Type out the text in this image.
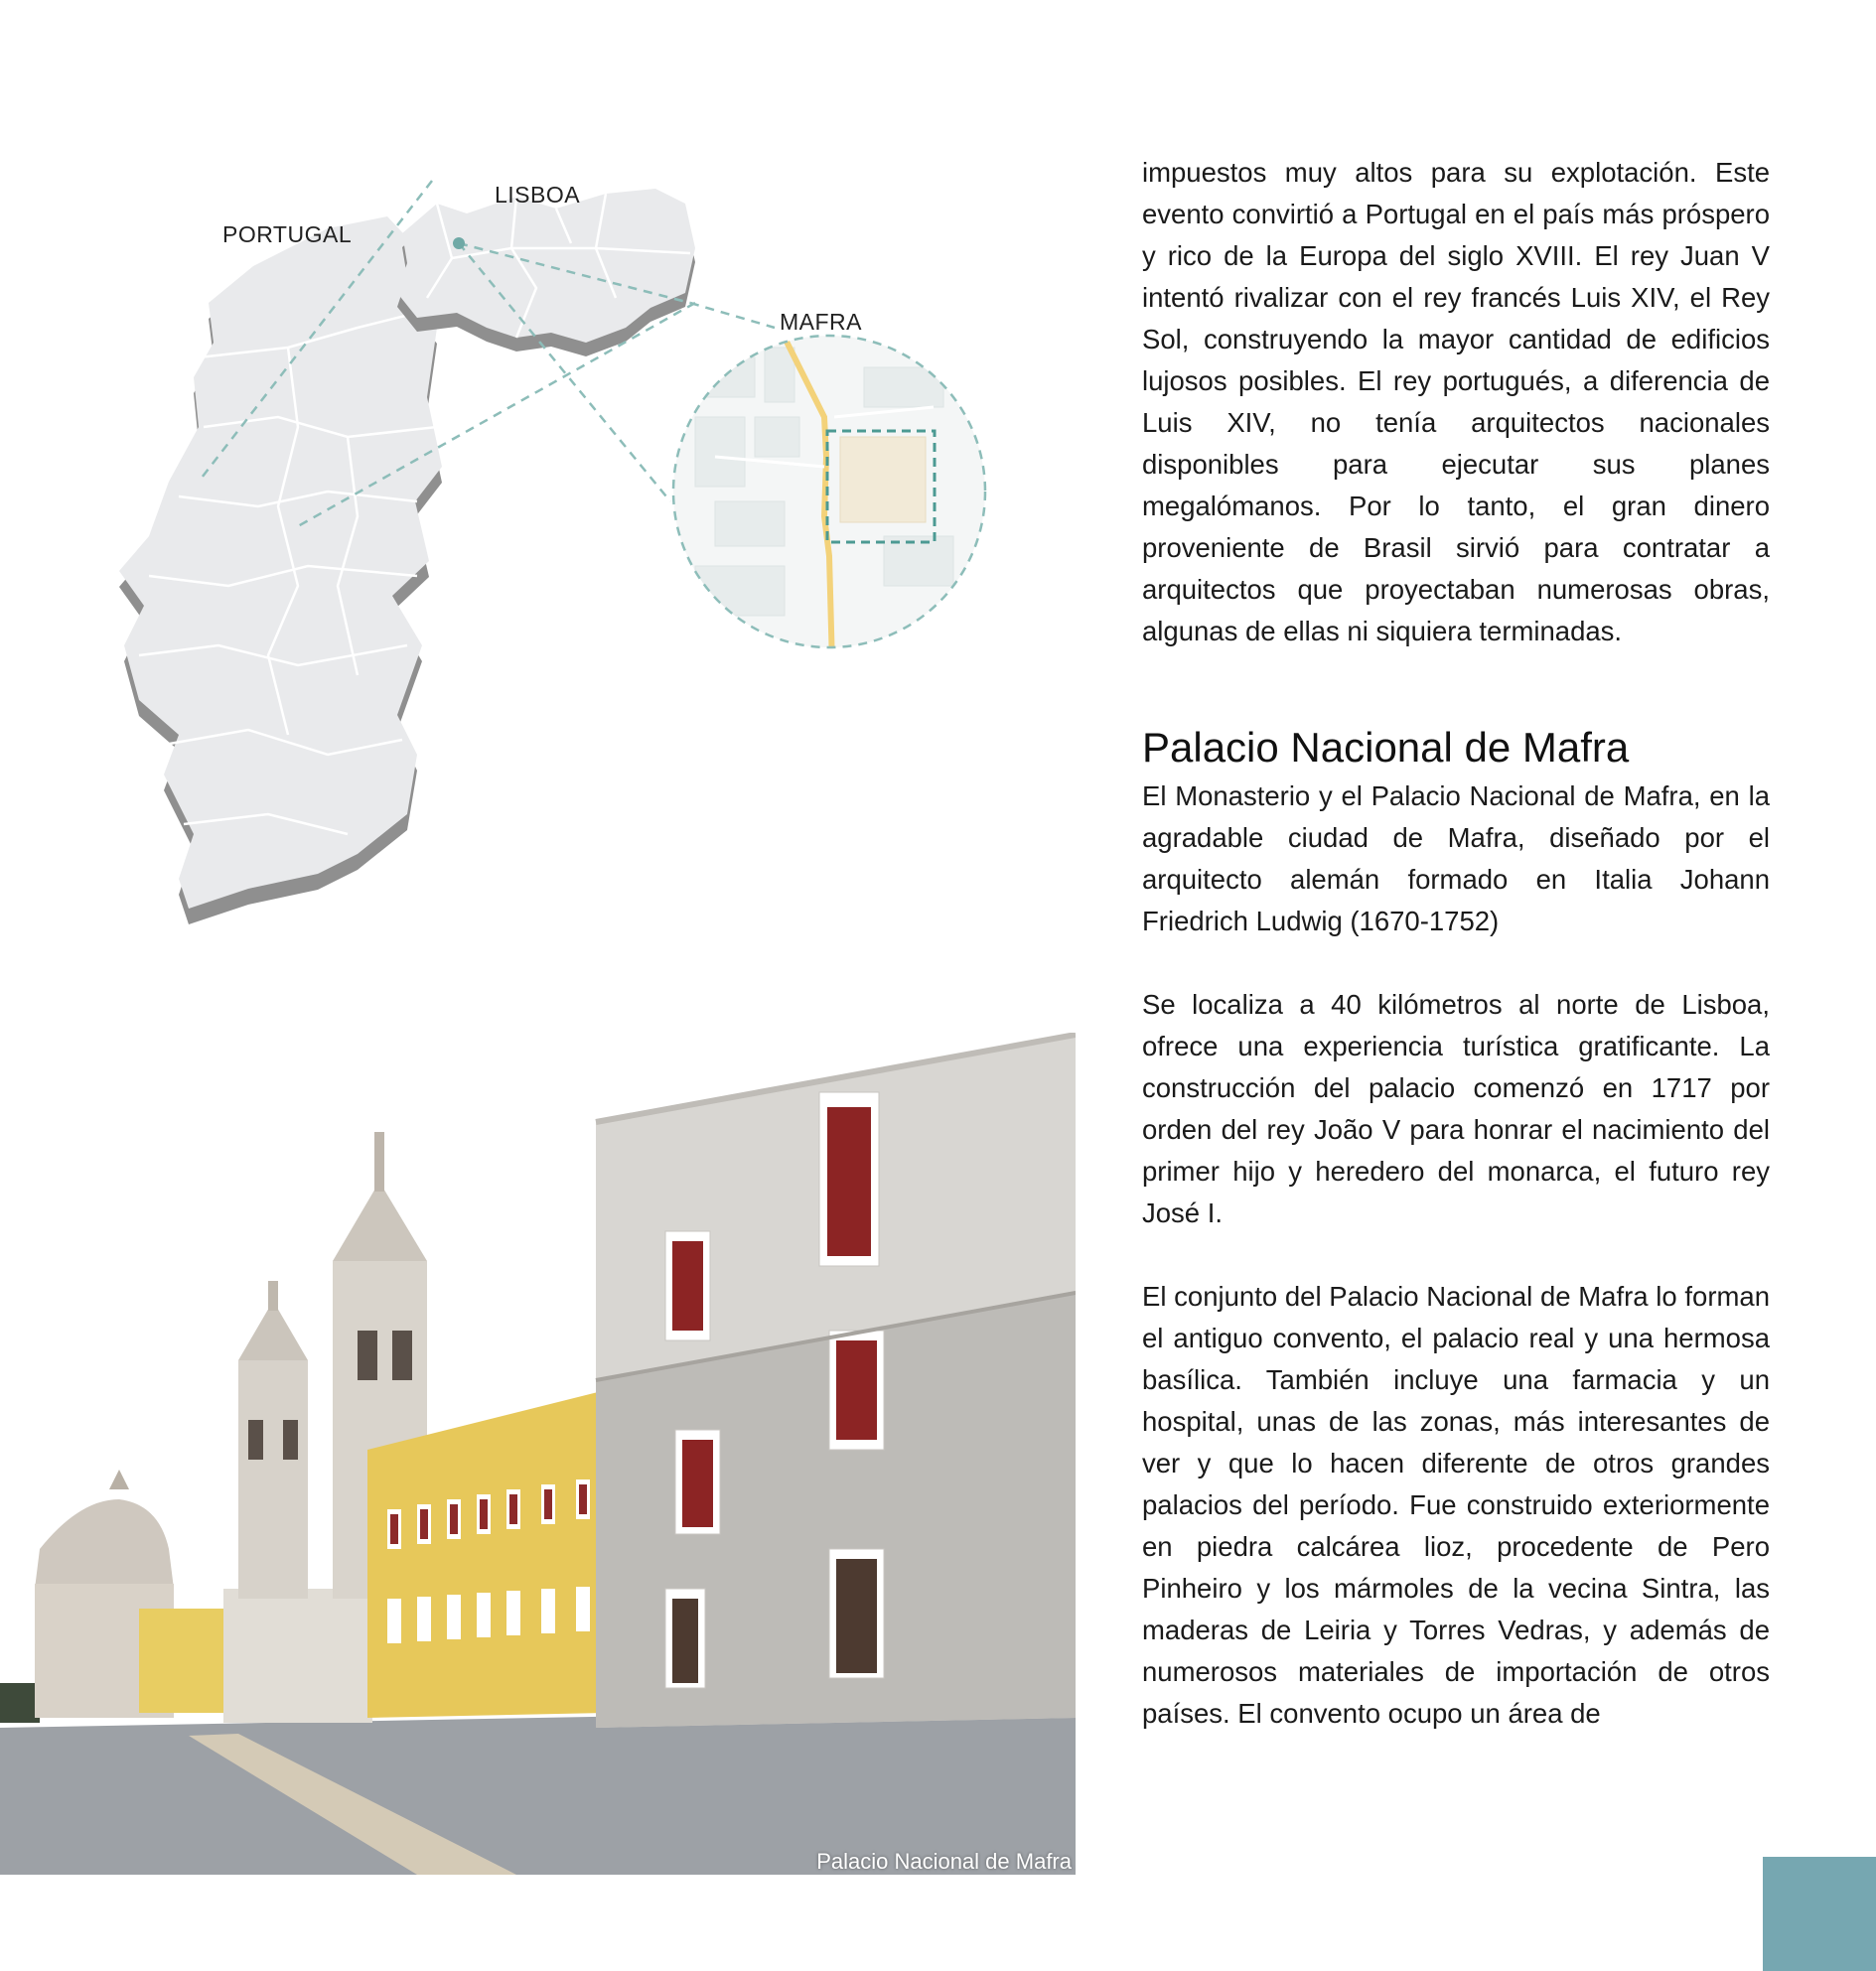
PORTUGAL
LISBOA
MAFRA
Palacio Nacional de Mafra

impuestos muy altos para su explotación. Este evento convirtió a Portugal en el país más próspero y rico de la Europa del siglo XVIII. El rey Juan V intentó rivalizar con el rey francés Luis XIV, el Rey Sol, construyendo la mayor cantidad de edificios lujosos posibles. El rey portugués, a diferencia de Luis XIV, no tenía arquitectos nacionales disponibles para ejecutar sus planes megalómanos. Por lo tanto, el gran dinero proveniente de Brasil sirvió para contratar a arquitectos que proyectaban numerosas obras, algunas de ellas ni siquiera terminadas.

Palacio Nacional de Mafra

El Monasterio y el Palacio Nacional de Mafra, en la agradable ciudad de Mafra, diseñado por el arquitecto alemán formado en Italia Johann Friedrich Ludwig (1670-1752)

Se localiza a 40 kilómetros al norte de Lisboa, ofrece una experiencia turística gratificante. La construcción del palacio comenzó en 1717 por orden del rey João V para honrar el nacimiento del primer hijo y heredero del monarca, el futuro rey José I.

El conjunto del Palacio Nacional de Mafra lo forman el antiguo convento, el palacio real y una hermosa basílica. También incluye una farmacia y un hospital, unas de las zonas, más interesantes de ver y que lo hacen diferente de otros grandes palacios del período. Fue construido exteriormente en piedra calcárea lioz, procedente de Pero Pinheiro y los mármoles de la vecina Sintra, las maderas de Leiria y Torres Vedras, y además de numerosos materiales de importación de otros países. El convento ocupo un área de
